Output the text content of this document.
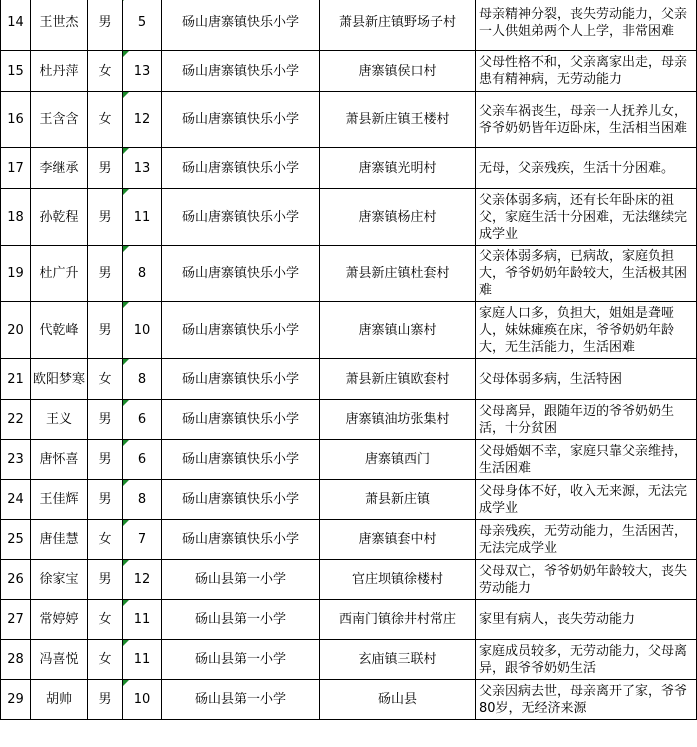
14	王世杰	男	5	砀山唐寨镇快乐小学	萧县新庄镇野场子村	母亲精神分裂，丧失劳动能力，父亲一人供姐弟两个人上学，非常困难
15	杜丹萍	女	13	砀山唐寨镇快乐小学	唐寨镇侯口村	父母性格不和，父亲离家出走，母亲患有精神病，无劳动能力
16	王含含	女	12	砀山唐寨镇快乐小学	萧县新庄镇王楼村	父亲车祸丧生，母亲一人抚养儿女，爷爷奶奶皆年迈卧床，生活相当困难
17	李继承	男	13	砀山唐寨镇快乐小学	唐寨镇光明村	无母，父亲残疾，生活十分困难。
18	孙乾程	男	11	砀山唐寨镇快乐小学	唐寨镇杨庄村	父亲体弱多病，还有长年卧床的祖父，家庭生活十分困难，无法继续完成学业
19	杜广升	男	8	砀山唐寨镇快乐小学	萧县新庄镇杜套村	父亲体弱多病，已病故，家庭负担大，爷爷奶奶年龄较大，生活极其困难
20	代乾峰	男	10	砀山唐寨镇快乐小学	唐寨镇山寨村	家庭人口多，负担大，姐姐是聋哑人，妹妹瘫痪在床，爷爷奶奶年龄大，无生活能力，生活困难
21	欧阳梦寒	女	8	砀山唐寨镇快乐小学	萧县新庄镇欧套村	父母体弱多病，生活特困
22	王义	男	6	砀山唐寨镇快乐小学	唐寨镇油坊张集村	父母离异，跟随年迈的爷爷奶奶生活，十分贫困
23	唐怀喜	男	6	砀山唐寨镇快乐小学	唐寨镇西门	父母婚姻不幸，家庭只靠父亲维持，生活困难
24	王佳辉	男	8	砀山唐寨镇快乐小学	萧县新庄镇	父母身体不好，收入无来源，无法完成学业
25	唐佳慧	女	7	砀山唐寨镇快乐小学	唐寨镇套中村	母亲残疾，无劳动能力，生活困苦，无法完成学业
26	徐家宝	男	12	砀山县第一小学	官庄坝镇徐楼村	父母双亡，爷爷奶奶年龄较大，丧失劳动能力
27	常婷婷	女	11	砀山县第一小学	西南门镇徐井村常庄	家里有病人，丧失劳动能力
28	冯喜悦	女	11	砀山县第一小学	玄庙镇三联村	家庭成员较多，无劳动能力，父母离异，跟爷爷奶奶生活
29	胡帅	男	10	砀山县第一小学	砀山县	父亲因病去世，母亲离开了家，爷爷80岁，无经济来源
